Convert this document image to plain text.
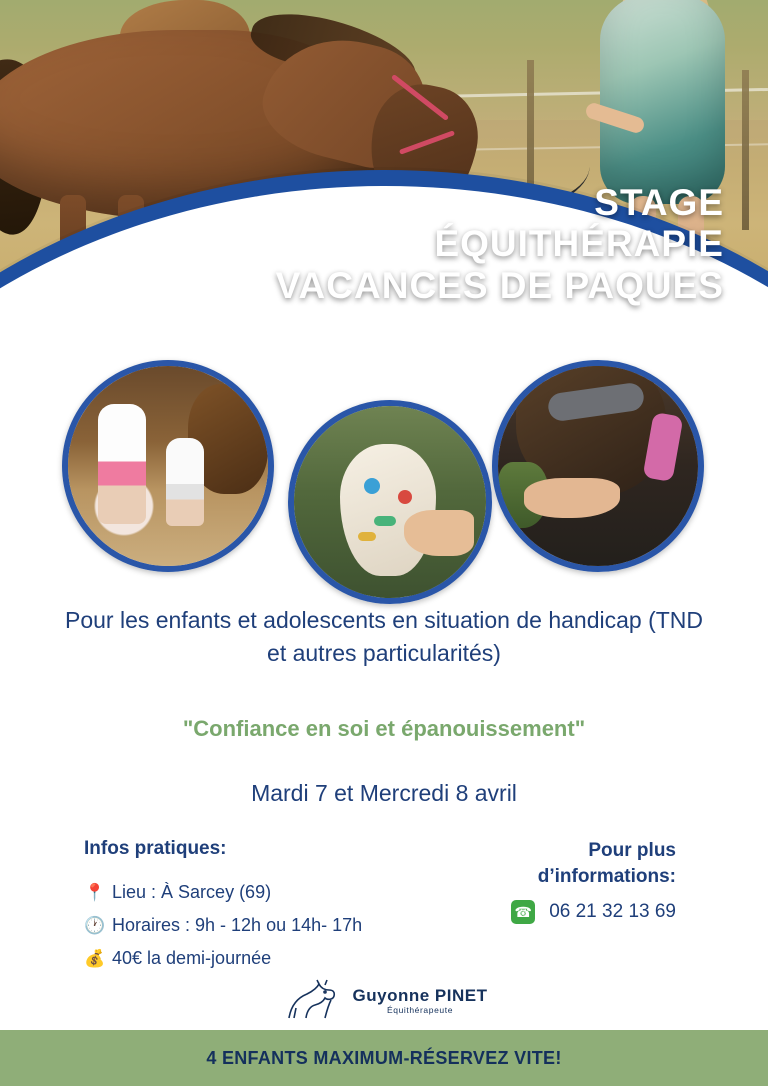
STAGE
ÉQUITHÉRAPIE
VACANCES DE PAQUES
Pour les enfants et adolescents en situation de handicap (TND et autres particularités)
"Confiance en soi et épanouissement"
Mardi 7 et Mercredi 8 avril
Infos pratiques:
📍 Lieu : À Sarcey (69)
🕐 Horaires : 9h - 12h ou 14h- 17h
💰 40€ la demi-journée
Pour plus
d’informations:
☎ 06 21 32 13 69
Guyonne PINET
Équithérapeute
4 ENFANTS MAXIMUM-RÉSERVEZ VITE!
